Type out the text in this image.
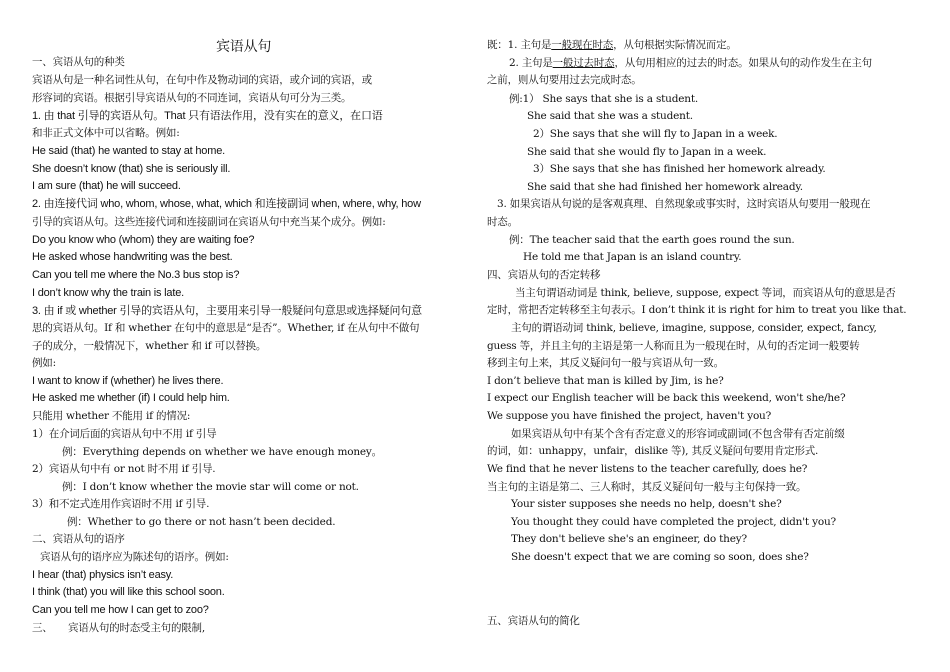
宾语从句
一、宾语从句的种类
宾语从句是一种名词性从句，在句中作及物动词的宾语，或介词的宾语，或
形容词的宾语。根据引导宾语从句的不同连词，宾语从句可分为三类。
1. 由 that 引导的宾语从句。That 只有语法作用，没有实在的意义，在口语
和非正式文体中可以省略。例如:
He said (that) he wanted to stay at home.
She doesn’t know (that) she is seriously ill.
I am sure (that) he will succeed.
2. 由连接代词 who, whom, whose, what, which 和连接副词 when, where, why, how
引导的宾语从句。这些连接代词和连接副词在宾语从句中充当某个成分。例如:
Do you know who (whom) they are waiting foe?
He asked whose handwriting was the best.
Can you tell me where the No.3 bus stop is?
I don’t know why the train is late.
3. 由 if 或 whether 引导的宾语从句，主要用来引导一般疑问句意思或选择疑问句意
思的宾语从句。If 和 whether 在句中的意思是“是否”。Whether, if 在从句中不做句
子的成分，一般情况下，whether 和 if 可以替换。
例如:
I want to know if (whether) he lives there.
He asked me whether (if) I could help him.
只能用 whether 不能用 if 的情况:
1）在介词后面的宾语从句中不用 if 引导
例：Everything depends on whether we have enough money。
2）宾语从句中有 or not 时不用 if 引导.
例：I don’t know whether the movie star will come or not.
3）和不定式连用作宾语时不用 if 引导.
例：Whether to go there or not hasn’t been decided.
二、宾语从句的语序
宾语从句的语序应为陈述句的语序。例如:
I hear (that) physics isn’t easy.
I think (that) you will like this school soon.
Can you tell me how I can get to zoo?
三、　　宾语从句的时态受主句的限制,
既：1. 主句是一般现在时态，从句根据实际情况而定。
2. 主句是一般过去时态，从句用相应的过去的时态。如果从句的动作发生在主句
之前，则从句要用过去完成时态。
例:1） She says that she is a student.
She said that she was a student.
2）She says that she will fly to Japan in a week.
She said that she would fly to Japan in a week.
3）She says that she has finished her homework already.
She said that she had finished her homework already.
3. 如果宾语从句说的是客观真理、自然现象或事实时，这时宾语从句要用一般现在
时态。
例：The teacher said that the earth goes round the sun.
He told me that Japan is an island country.
四、宾语从句的否定转移
当主句谓语动词是 think, believe, suppose, expect 等词，而宾语从句的意思是否
定时，常把否定转移至主句表示。I don’t think it is right for him to treat you like that.
主句的谓语动词 think, believe, imagine, suppose, consider, expect, fancy,
guess 等，并且主句的主语是第一人称而且为一般现在时，从句的否定词一般要转
移到主句上来，其反义疑问句一般与宾语从句一致。
I don’t believe that man is killed by Jim, is he?
I expect our English teacher will be back this weekend, won't she/he?
We suppose you have finished the project, haven't you?
如果宾语从句中有某个含有否定意义的形容词或副词(不包含带有否定前缀
的词，如：unhappy，unfair，dislike 等), 其反义疑问句要用肯定形式.
We find that he never listens to the teacher carefully, does he?
当主句的主语是第二、三人称时，其反义疑问句一般与主句保持一致。
Your sister supposes she needs no help, doesn't she?
You thought they could have completed the project, didn't you?
They don't believe she's an engineer, do they?
She doesn't expect that we are coming so soon, does she?
五、宾语从句的简化
